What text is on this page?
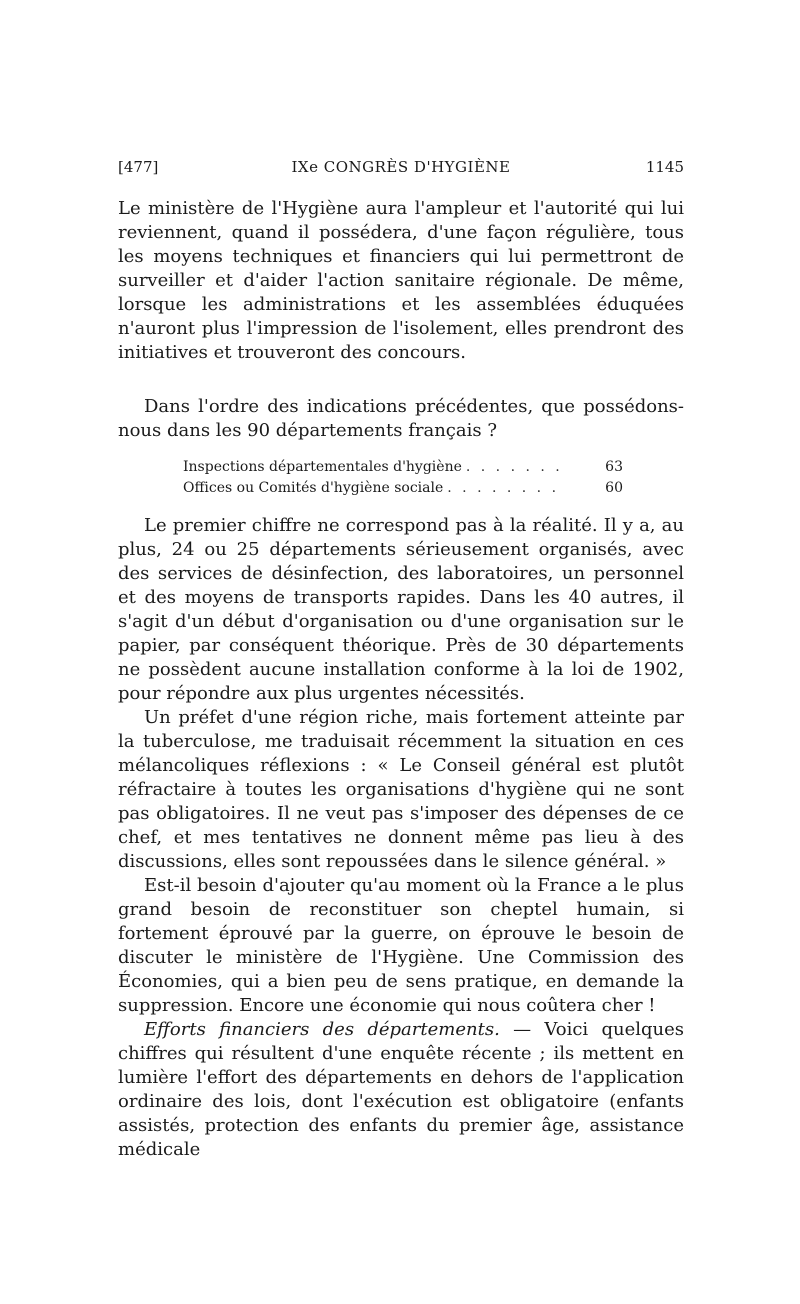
IXe CONGRÈS D'HYGIÈNE
[477]	1145

Le ministère de l'Hygiène aura l'ampleur et l'autorité qui lui reviennent, quand il possédera, d'une façon régulière, tous les moyens techniques et financiers qui lui permettront de surveiller et d'aider l'action sanitaire régionale. De même, lorsque les administrations et les assemblées éduquées n'auront plus l'impression de l'isolement, elles prendront des initiatives et trouveront des concours.

Dans l'ordre des indications précédentes, que possédons-nous dans les 90 départements français ?

Inspections départementales d'hygiène . . . . . . .	63
Offices ou Comités d'hygiène sociale . . . . . . . .	60

Le premier chiffre ne correspond pas à la réalité. Il y a, au plus, 24 ou 25 départements sérieusement organisés, avec des services de désinfection, des laboratoires, un personnel et des moyens de transports rapides. Dans les 40 autres, il s'agit d'un début d'organisation ou d'une organisation sur le papier, par conséquent théorique. Près de 30 départements ne possèdent aucune installation conforme à la loi de 1902, pour répondre aux plus urgentes nécessités.

Un préfet d'une région riche, mais fortement atteinte par la tuberculose, me traduisait récemment la situation en ces mélancoliques réflexions : « Le Conseil général est plutôt réfractaire à toutes les organisations d'hygiène qui ne sont pas obligatoires. Il ne veut pas s'imposer des dépenses de ce chef, et mes tentatives ne donnent même pas lieu à des discussions, elles sont repoussées dans le silence général. »

Est-il besoin d'ajouter qu'au moment où la France a le plus grand besoin de reconstituer son cheptel humain, si fortement éprouvé par la guerre, on éprouve le besoin de discuter le ministère de l'Hygiène. Une Commission des Économies, qui a bien peu de sens pratique, en demande la suppression. Encore une économie qui nous coûtera cher !

Efforts financiers des départements. — Voici quelques chiffres qui résultent d'une enquête récente ; ils mettent en lumière l'effort des départements en dehors de l'application ordinaire des lois, dont l'exécution est obligatoire (enfants assistés, protection des enfants du premier âge, assistance médicale
